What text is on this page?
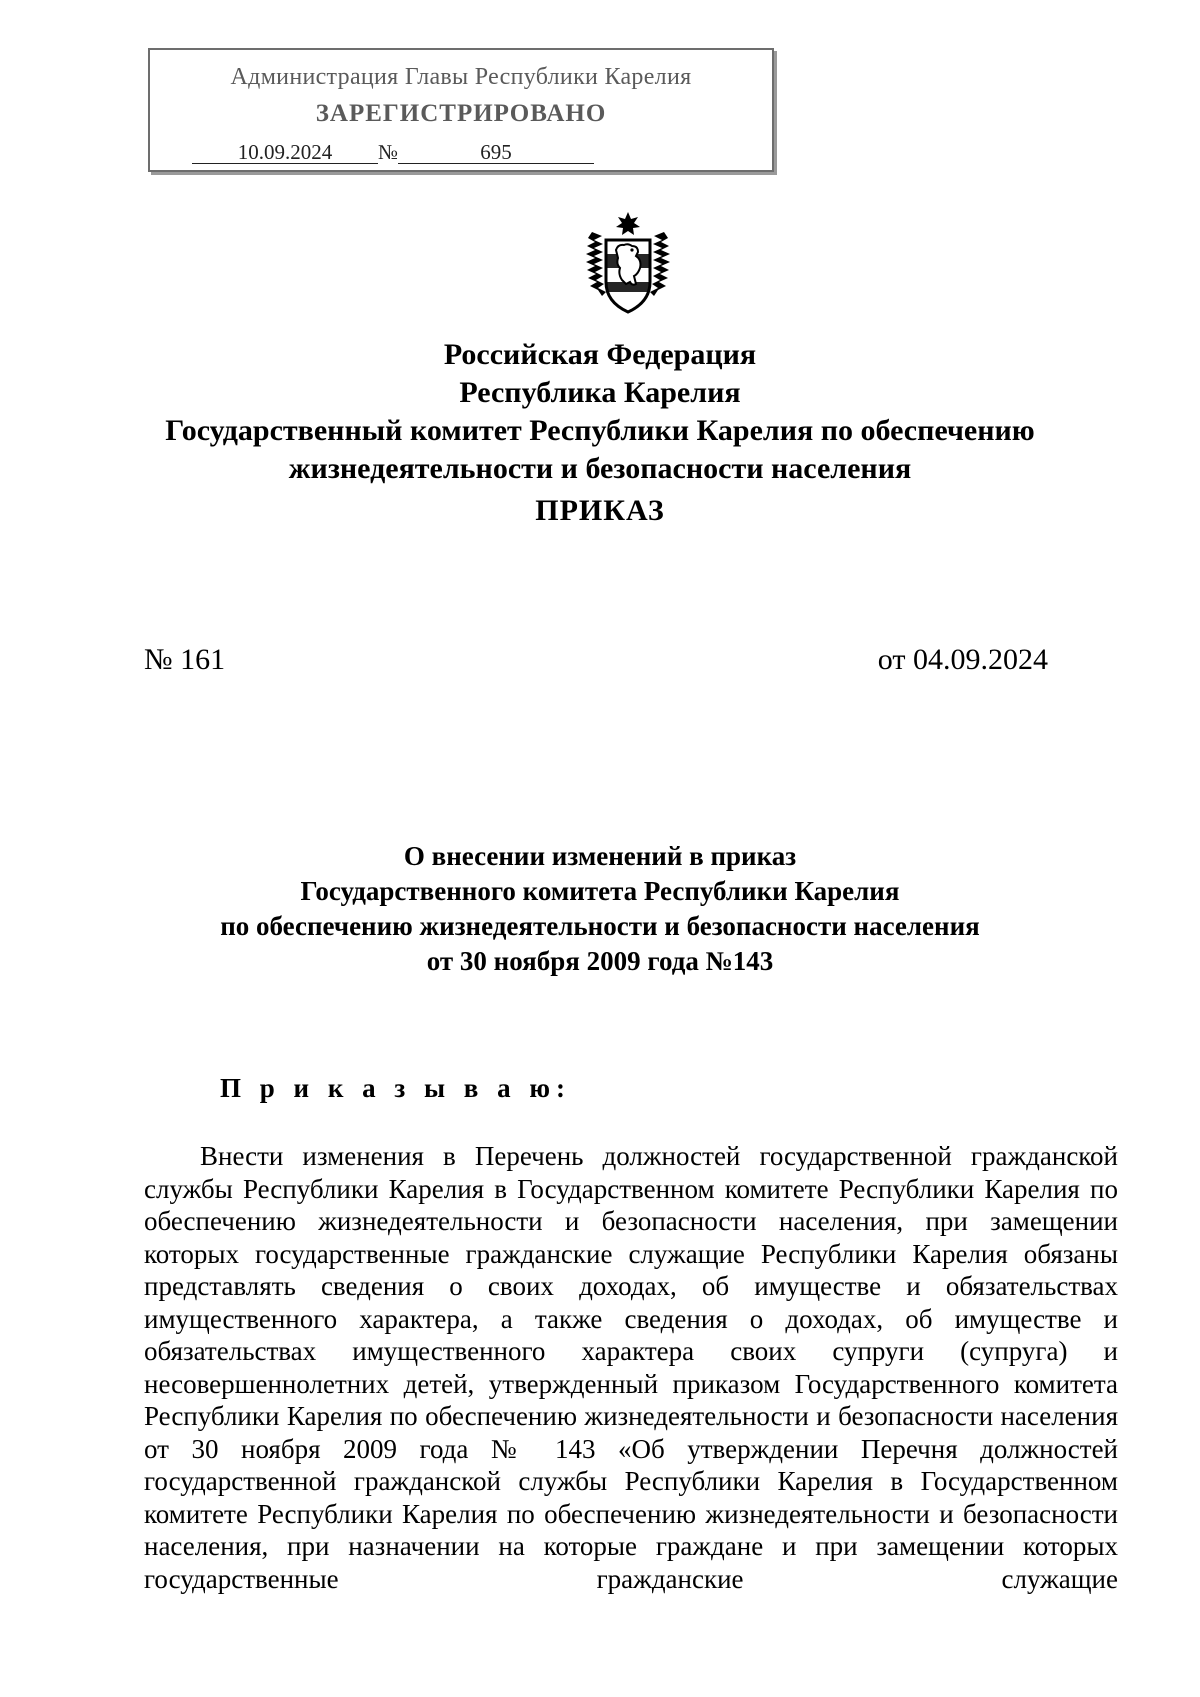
Администрация Главы Республики Карелия
ЗАРЕГИСТРИРОВАНО
10.09.2024 №	695
Российская Федерация
Республика Карелия
Государственный комитет Республики Карелия по обеспечению
жизнедеятельности и безопасности населения
ПРИКАЗ
№ 161	от 04.09.2024
О внесении изменений в приказ
Государственного комитета Республики Карелия
по обеспечению жизнедеятельности и безопасности населения
от 30 ноября 2009 года №143
П р и к а з ы в а ю:
Внести изменения в Перечень должностей государственной гражданской службы Республики Карелия в Государственном комитете Республики Карелия по обеспечению жизнедеятельности и безопасности населения, при замещении которых государственные гражданские служащие Республики Карелия обязаны представлять сведения о своих доходах, об имуществе и обязательствах имущественного характера, а также сведения о доходах, об имуществе и обязательствах имущественного характера своих супруги (супруга) и несовершеннолетних детей, утвержденный приказом Государственного комитета Республики Карелия по обеспечению жизнедеятельности и безопасности населения от 30 ноября 2009 года № 143 «Об утверждении Перечня должностей государственной гражданской службы Республики Карелия в Государственном комитете Республики Карелия по обеспечению жизнедеятельности и безопасности населения, при назначении на которые граждане и при замещении которых государственные гражданские служащие
